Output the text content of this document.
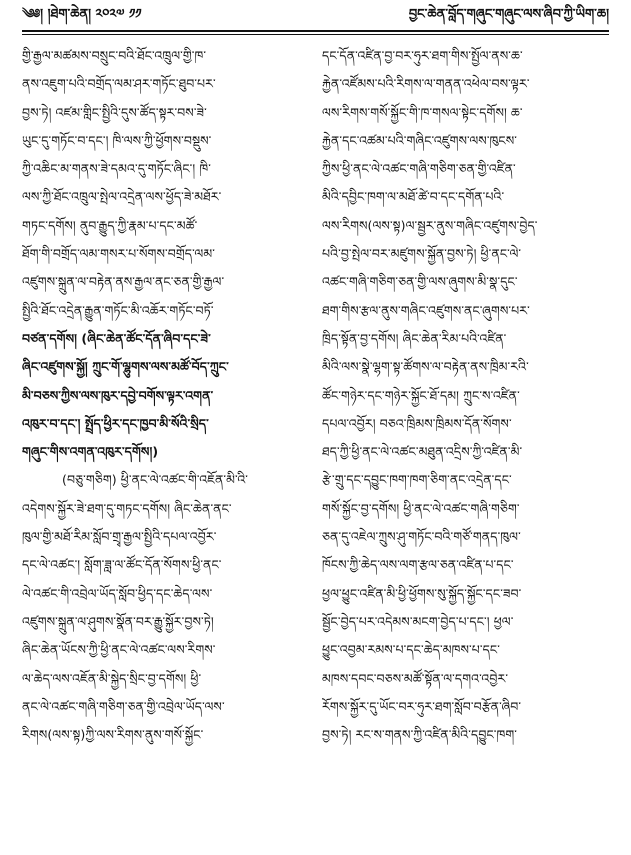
༄༅། །ཐེག་ཆེན། ༢༠༢༧ ༡༡	བྱང་ཆེན་བློད་གཞུང་གཞུང་ལས་ཞིབ་ཀྱི་ཡིག་ཆ།
གྱི་རྒྱལ་མཚམས་བསྲུང་བའི་ཐོང་འཁྲུལ་གྱི་ཁ་
ནས་འཇུག་པའི་བགྲོད་ལམ་ཤར་གཏོང་ཐུབ་པར་
བྱས་ཏེ། འཛམ་གླིང་སྤྱིའི་དུས་ཚོད་སྟར་བས་ཟེ་
ཡུང་དུ་གཏོང་བ་དང་། ཁི་ལས་ཀྱི་ཕྱོགས་བསྡུས་
ཀྱི་འཆིང་མ་གནས་ཟེ་དམའ་དུ་གཏོང་ཞིང་། ཁི་
ལས་ཀྱི་ཐོང་འཁྲུལ་སྤེལ་འདྲེན་ལས་ཕྱོད་ཟེ་མཐོར་
གཏང་དགོས། ནུབ་རྒྱུད་ཀྱི་རྣམ་པ་དང་མཚོ་
ཐོག་གི་བགྲོད་ལམ་གསར་པ་སོགས་བགྲོད་ལམ་
འཛུགས་སྐྲུན་ལ་བརྟེན་ནས་རྒྱལ་ནང་ཅན་གྱི་རྒྱལ་
སྤྱིའི་ཐོང་འདྲེན་རྒྱུན་གཏོང་མི་འཆོར་གཏོང་བཏོ་
བཙན་དགོས། (ཞིང་ཆེན་ཚོང་དོན་ཞིབ་དང་ཟེ་
ཞིང་འཛུགས་སྐྱོ། ཀྲུང་གོ་ལྷུགས་ལས་མཚོ་བོད་ཀྲུང་
མི་བཅས་ཀྱིས་ལས་ཁུར་དབྱེ་བགོས་ལྟར་འགན་
འཁུར་བ་དང་། སྤྲོད་ཕྱིར་དང་ཁྱབ་མི་སོའི་སྲིད་
གཞུང་གིས་འགན་འཁུར་དགོས།)
(བཅུ་གཅིག) ཕྱི་ནང་ལེ་འཚང་གི་འཇོན་མི་འི་
འདེགས་སྐྱོར་ཟེ་ཐག་དུ་གཏང་དགོས། ཞིང་ཆེན་ནང་
ཁུལ་གྱི་མཐོ་རིམ་སློབ་གྲྭ་རྒྱལ་སྤྱིའི་དཔལ་འབྱོར་
དང་ལེ་འཚང་། སློག་ཟླ་ལ་ཚོང་དོན་སོགས་ཕྱི་ནང་
ལེ་འཚང་གི་འབྲེལ་ཡོད་སློབ་ཕྱིད་དང་ཆེད་ལས་
འཛུགས་སྐྲུན་ལ་ཤུགས་སྣོན་བར་རྒྱུ་སྐྱོར་བྱས་ཏེ།
ཞིང་ཆེན་ཡོངས་ཀྱི་ཕྱི་ནང་ལེ་འཚང་ལས་རིགས་
ལ་ཆེད་ལས་འཇོན་མི་སྐྱེད་སྲིང་བྱ་དགོས། ཕྱི་
ནང་ལེ་འཚང་གཞི་གཅིག་ཅན་གྱི་འབྲེལ་ཡོད་ལས་
རིགས(ལས་སྟ)ཀྱི་ལས་རིགས་ནུས་གསོ་སྐྱོང་
དང་དོན་འཛིན་བྱ་བར་ཧུར་ཐག་གིས་སྤྱོལ་ནས་ཆ་
རྐྱེན་འཛོམས་པའི་རིགས་ལ་གནན་འཕེལ་བས་ལྟར་
ལས་རིགས་གསོ་སྐྱོང་གི་ཁ་གསལ་སྟེང་དགོས། ཆ་
རྐྱེན་དང་འཚམ་པའི་གཞིང་འཛུགས་ལས་ཁུངས་
ཀྱིས་ཕྱི་ནང་ལེ་འཚང་གཞི་གཅིག་ཅན་གྱི་འཛིན་
མིའི་དབྱིང་ཁག་ལ་མཐོ་ཚེ་བ་དང་དགོན་པའི་
ལས་རིགས(ལས་སྟ)ལ་སྦྱར་ནུས་གཞིང་འཛུགས་བྱེད་
པའི་བྱ་སྤེལ་བར་མཛུགས་སྐྱོན་བྱས་ཏེ། ཕྱི་ནང་ལེ་
འཚང་གཞི་གཅིག་ཅན་གྱི་ལས་ཞུགས་མི་སྣ་དུང་
ཐག་གིས་རྩལ་ནུས་གཞིང་འཛུགས་ནང་ཞུགས་པར་
ཁྲིད་སྟོན་བྱ་དགོས། ཞིང་ཆེན་རིམ་པའི་འཛིན་
མིའི་ལས་སྣེ་ལྷག་སྟ་ཚོགས་ལ་བརྟེན་ནས་ཁྲིམ་རའི་
ཚོང་གཉེར་དང་གཉེར་སྐྱོང་ཐོ་དམ། ཀྲུང་ས་འཛིན་
དཔལ་འབྱོར། བཅའ་ཁྲིམས་ཁྲིམས་དོན་སོགས་
ཐད་ཀྱི་ཕྱི་ནང་ལེ་འཚང་མཐུན་འདྲིས་ཀྱི་འཛིན་མི་
རྩེ་གྲུ་དང་དབྱུང་ཁག་ཁག་ཅིག་ནང་འདྲེན་དང་
གསོ་སྐྱོང་བྱ་དགོས། ཕྱི་ནང་ལེ་འཚང་གཞི་གཅིག་
ཅན་དུ་འཇེལ་ཀྲུས་ཤུ་གཏོང་བའི་གཙོ་གནད་ཁུལ་
ཁོངས་ཀྱི་ཆེད་ལས་ལག་རྩལ་ཅན་འཛིན་པ་དང་
ཕྱལ་ཕྱུང་འཛིན་མི་ཕྱི་ཕྱོགས་སུ་སྐྱོད་སྐྱོང་དང་ཟབ་
སྦྱོང་བྱེད་པར་འདེམས་མངག་བྱེད་པ་དང་། ཕྱལ་
ཕྱུང་འབྱམ་རམས་པ་དང་ཆེད་མཁས་པ་དང་
མཁས་དབང་བཅས་མཚོ་སྟོན་ལ་དགའ་འབྱེར་
རོགས་སྐྱོར་དུ་ཡོང་བར་ཧུར་ཐག་སློབ་བརྩོན་ཞིབ་
བྱས་ཏེ། རང་ས་གནས་ཀྱི་འཛིན་མིའི་དབྱུང་ཁག་
